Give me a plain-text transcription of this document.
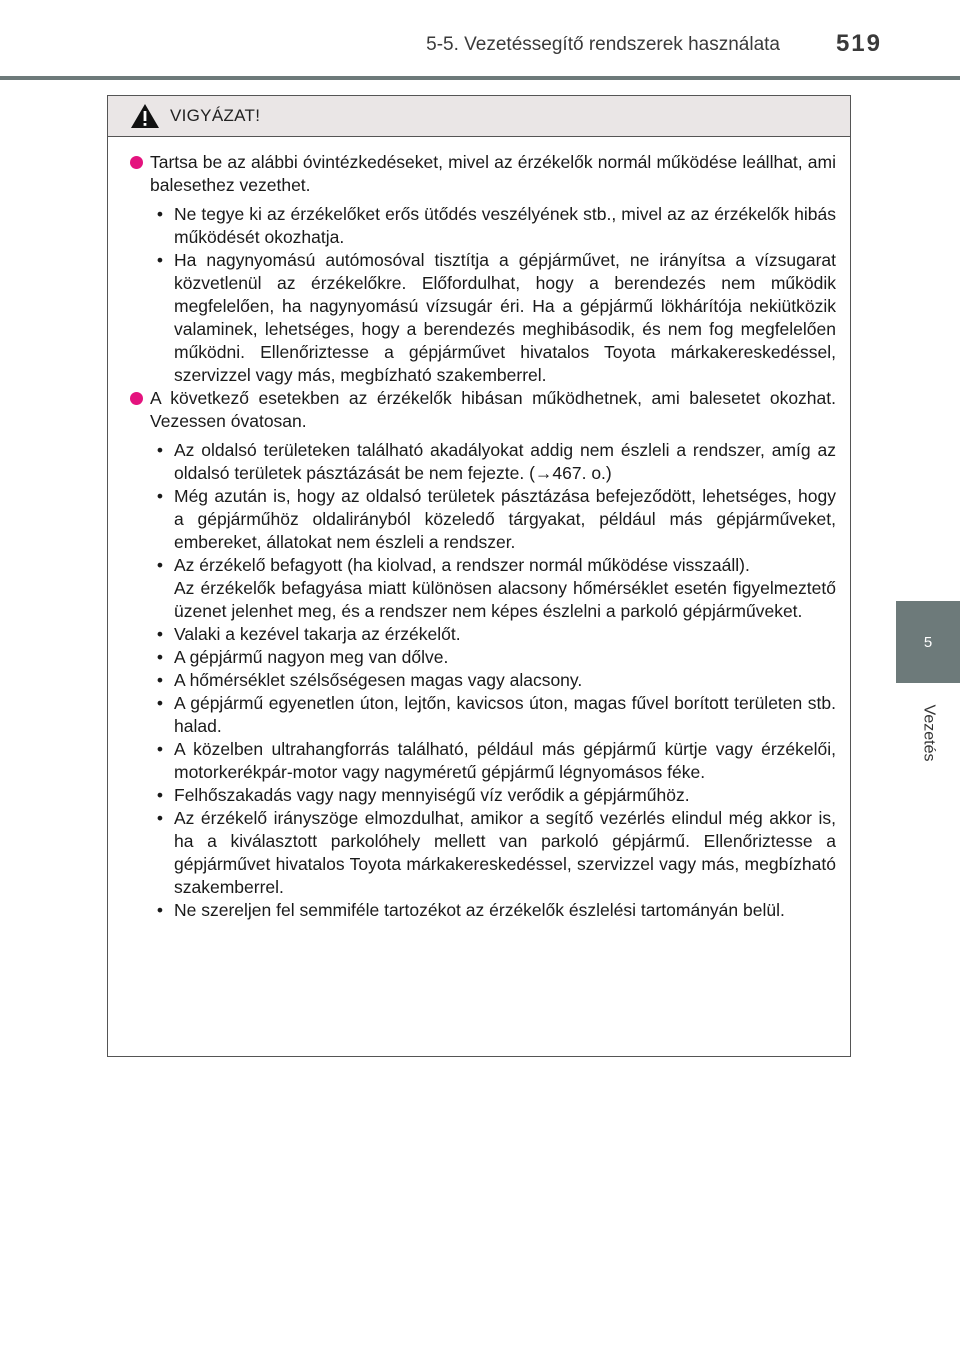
5-5. Vezetéssegítő rendszerek használata 519
5
Vezetés
VIGYÁZAT!

Tartsa be az alábbi óvintézkedéseket, mivel az érzékelők normál működése leállhat, ami balesethez vezethet.

• Ne tegye ki az érzékelőket erős ütődés veszélyének stb., mivel az az érzékelők hibás működését okozhatja.
• Ha nagynyomású autómosóval tisztítja a gépjárművet, ne irányítsa a vízsugarat közvetlenül az érzékelőkre. Előfordulhat, hogy a berendezés nem működik megfelelően, ha nagynyomású vízsugár éri. Ha a gépjármű lökhárítója nekiütközik valaminek, lehetséges, hogy a berendezés meghibásodik, és nem fog megfelelően működni. Ellenőriztesse a gépjárművet hivatalos Toyota márkakereskedéssel, szervizzel vagy más, megbízható szakemberrel.

A következő esetekben az érzékelők hibásan működhetnek, ami balesetet okozhat. Vezessen óvatosan.

• Az oldalsó területeken található akadályokat addig nem észleli a rendszer, amíg az oldalsó területek pásztázását be nem fejezte. (→467. o.)
• Még azután is, hogy az oldalsó területek pásztázása befejeződött, lehetséges, hogy a gépjárműhöz oldalirányból közeledő tárgyakat, például más gépjárműveket, embereket, állatokat nem észleli a rendszer.
• Az érzékelő befagyott (ha kiolvad, a rendszer normál működése visszaáll).
Az érzékelők befagyása miatt különösen alacsony hőmérséklet esetén figyelmeztető üzenet jelenhet meg, és a rendszer nem képes észlelni a parkoló gépjárműveket.
• Valaki a kezével takarja az érzékelőt.
• A gépjármű nagyon meg van dőlve.
• A hőmérséklet szélsőségesen magas vagy alacsony.
• A gépjármű egyenetlen úton, lejtőn, kavicsos úton, magas fűvel borított területen stb. halad.
• A közelben ultrahangforrás található, például más gépjármű kürtje vagy érzékelői, motorkerékpár-motor vagy nagyméretű gépjármű légnyomásos féke.
• Felhőszakadás vagy nagy mennyiségű víz verődik a gépjárműhöz.
• Az érzékelő irányszöge elmozdulhat, amikor a segítő vezérlés elindul még akkor is, ha a kiválasztott parkolóhely mellett van parkoló gépjármű. Ellenőriztesse a gépjárművet hivatalos Toyota márkakereskedéssel, szervizzel vagy más, megbízható szakemberrel.
• Ne szereljen fel semmiféle tartozékot az érzékelők észlelési tartományán belül.
